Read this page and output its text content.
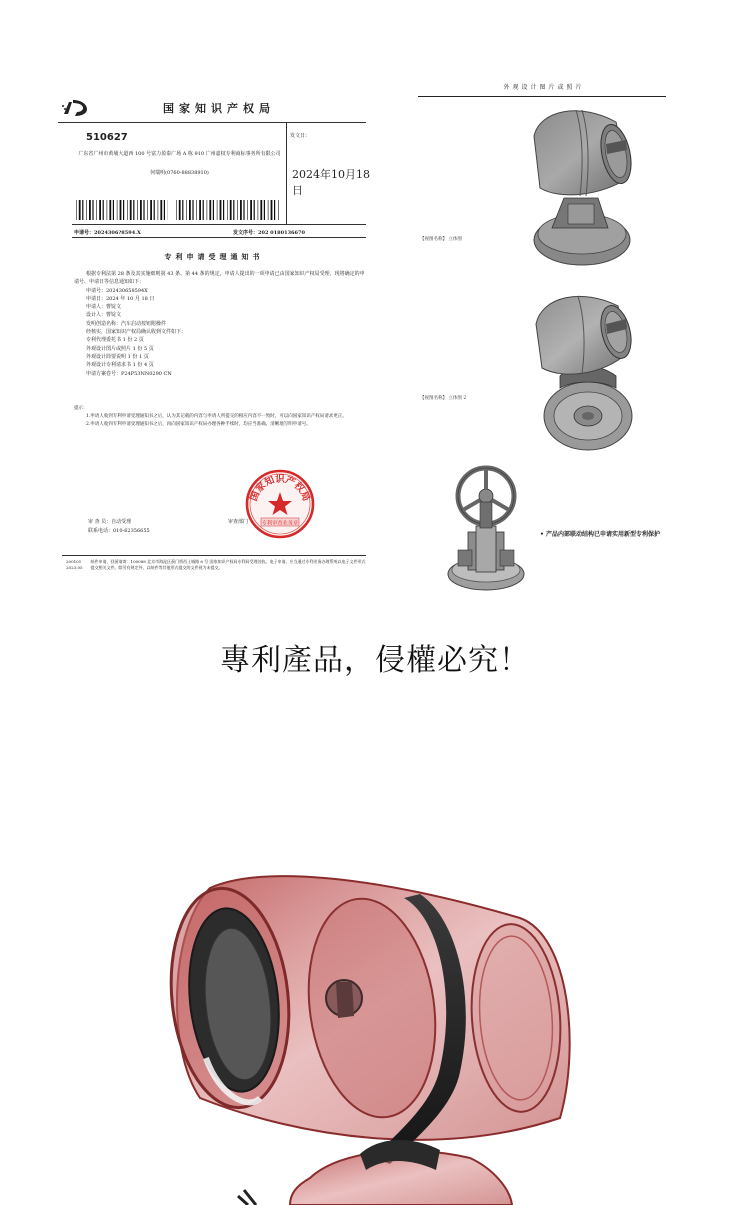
国家知识产权局
510627
广东省广州市黄埔大道西 100 号富力盈泰广场 A 栋 910 广州嘉权专利商标事务所有限公司
何瑞明(0760-88838910)
发文日：
2024年10月18日
申请号：2024306?8594.X	发文序号：202 0180136670
专利申请受理通知书

根据专利法第 28 条及其实施细则第 43 条、第 44 条的规定，申请人提出的一项申请已由国家知识产权局受理，现将确定的申请号、申请日等信息通知如下：

申请号：202430658594X

申请日：2024 年 10 月 18 日

申请人：曹锭文

设计人：曹锭文

发明创造名称：汽车启动按钮附操件

经核实，国家知识产权局确认收到文件如下：

专利代理委托书 1 份 2 页

外观设计图片或照片 1 份 5 页

外观设计简要说明 1 份 1 页

外观设计专利请求书 1 份 4 页

申请方案卷号：P24P53NN0290 CN

提示：

1.申请人收到专利申请受理通知书之后，认为其记载的内容与申请人所提交的相应内容不一致时，可以向国家知识产权局请求更正。

2.申请人收到专利申请受理通知书之后，再向国家知识产权局办理各种手续时，均应当准确、清晰地写明申请号。

审 查 员：自动受理
联系电话：010-62356655
审查部门
国家知识产权局
专利审查业务章
200101
2023.05
纸件申请，回函请寄：100088 北京市海淀区蓟门桥西土城路 6 号 国家知识产权局专利局受理处收。电子申请，应当通过专利业务办理系统以电子文件形式提交相关文件。除另有规定外，以纸件等其他形式提交的文件视为未提交。
外观设计图片或照片
【视图名称】 立体图
【视图名称】 立体图 2
• 产品内部联动结构已申请实用新型专利保护
專利產品，侵權必究！
